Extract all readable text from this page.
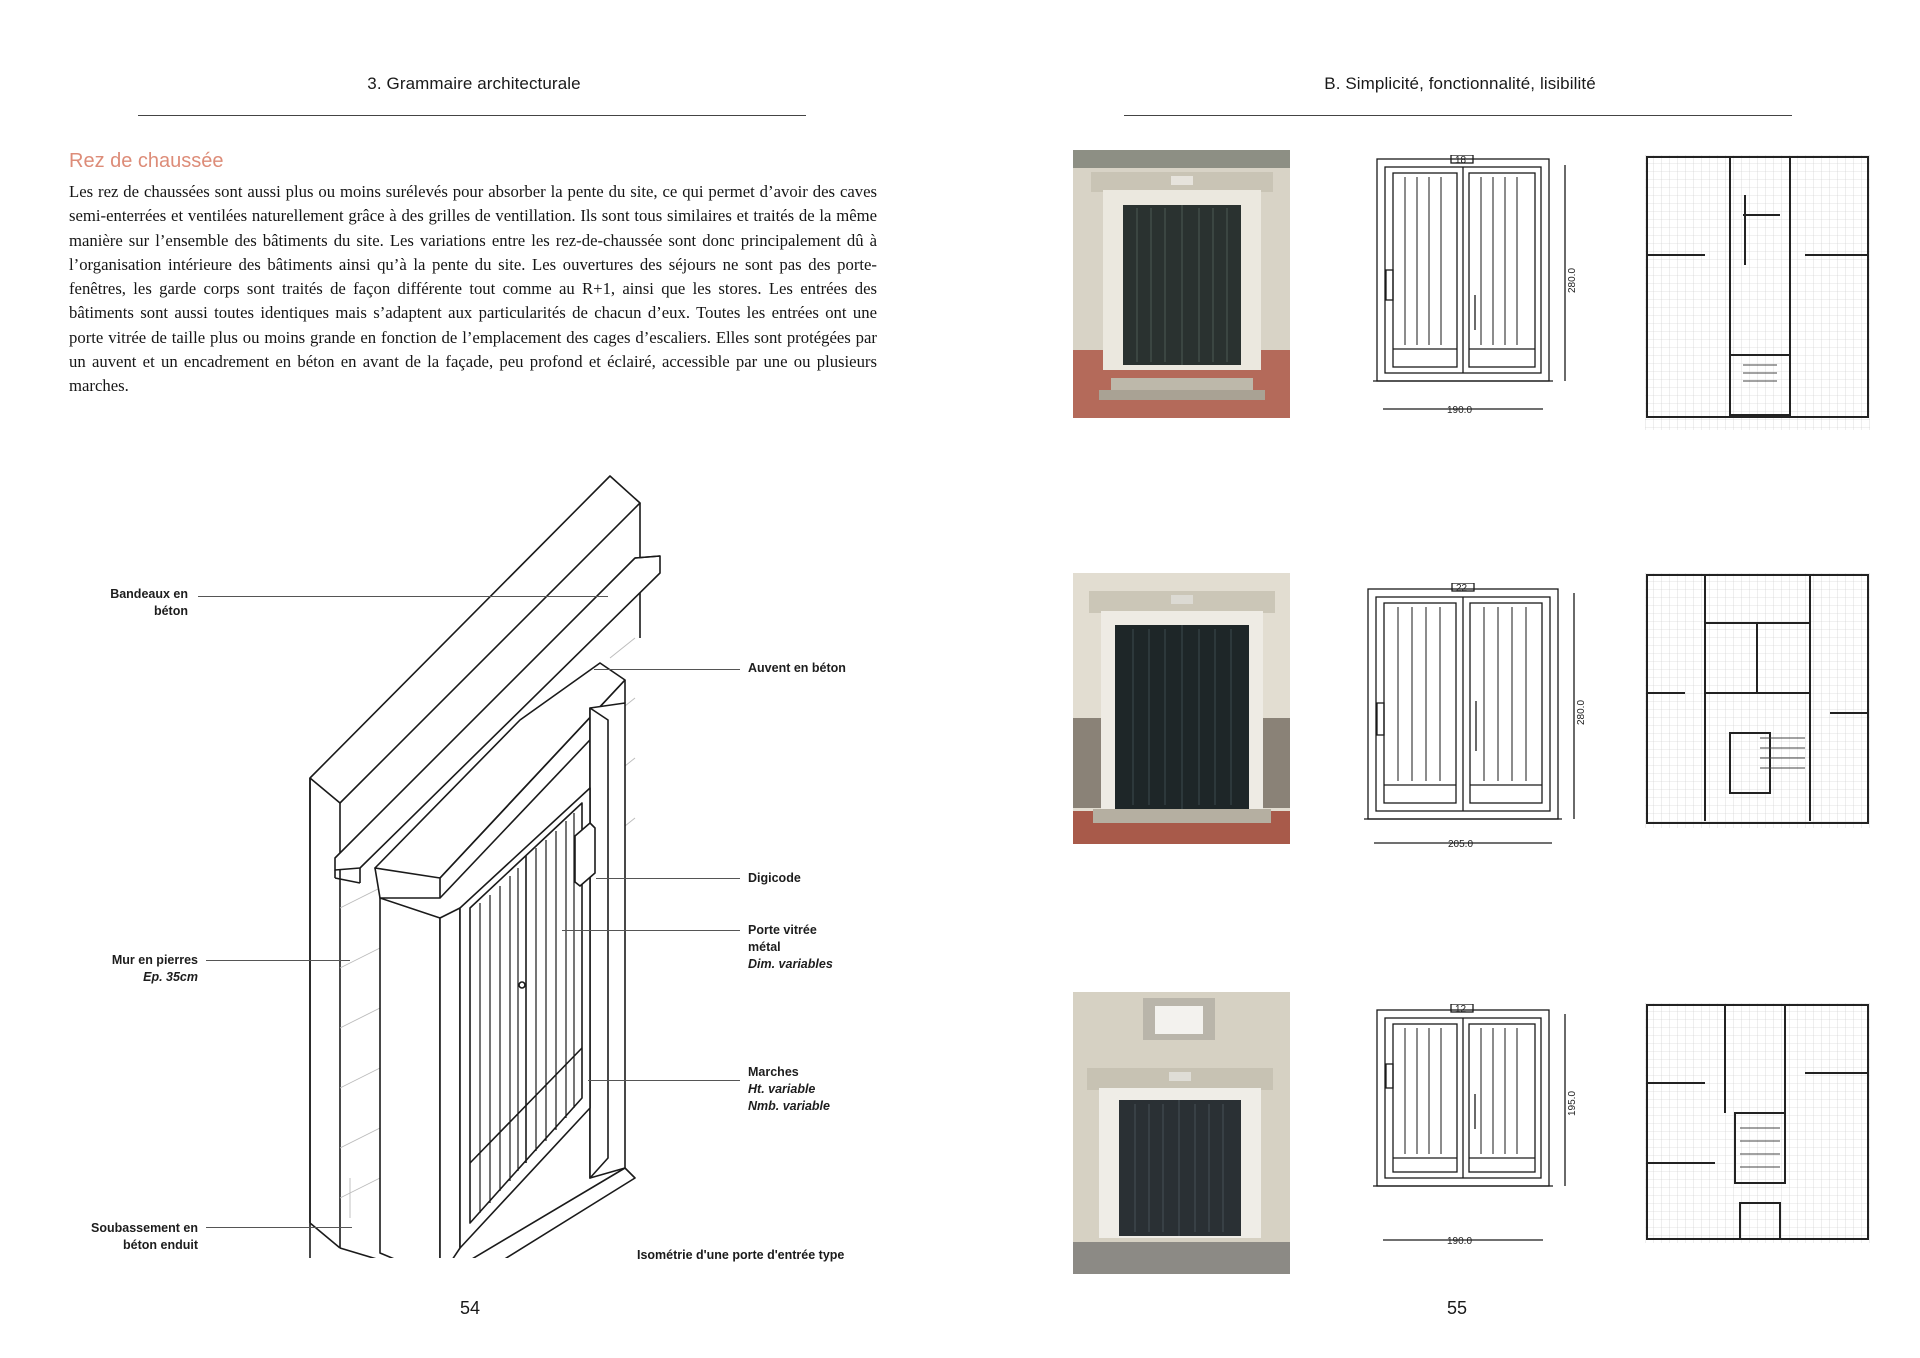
3. Grammaire architecturale
Rez de chaussée

Les rez de chaussées sont aussi plus ou moins surélevés pour absorber la pente du site, ce qui permet d’avoir des caves semi-enterrées et ventilées naturellement grâce à des grilles de ventillation. Ils sont tous similaires et traités de la même manière sur l’ensemble des bâtiments du site. Les variations entre les rez-de-chaussée sont donc principalement dû à l’organisation intérieure des bâtiments ainsi qu’à la pente du site. Les ouvertures des séjours ne sont pas des porte-fenêtres, les garde corps sont traités de façon différente tout comme au R+1, ainsi que les stores. Les entrées des bâtiments sont aussi toutes identiques mais s’adaptent aux particularités de chacun d’eux. Toutes les entrées ont une porte vitrée de taille plus ou moins grande en fonction de l’emplacement des cages d’escaliers. Elles sont protégées par un auvent et un encadrement en béton en avant de la façade, peu profond et éclairé, accessible par une ou plusieurs marches.

Bandeaux en
béton
Auvent en béton
Digicode
Porte vitrée
métal
Dim. variables
Mur en pierres
Ep. 35cm
Marches
Ht. variable
Nmb. variable
Soubassement en
béton enduit
Isométrie d'une porte d'entrée type
54
B. Simplicité, fonctionnalité, lisibilité
18
190.0
280.0
22
205.0
280.0
12
190.0
195.0
55
